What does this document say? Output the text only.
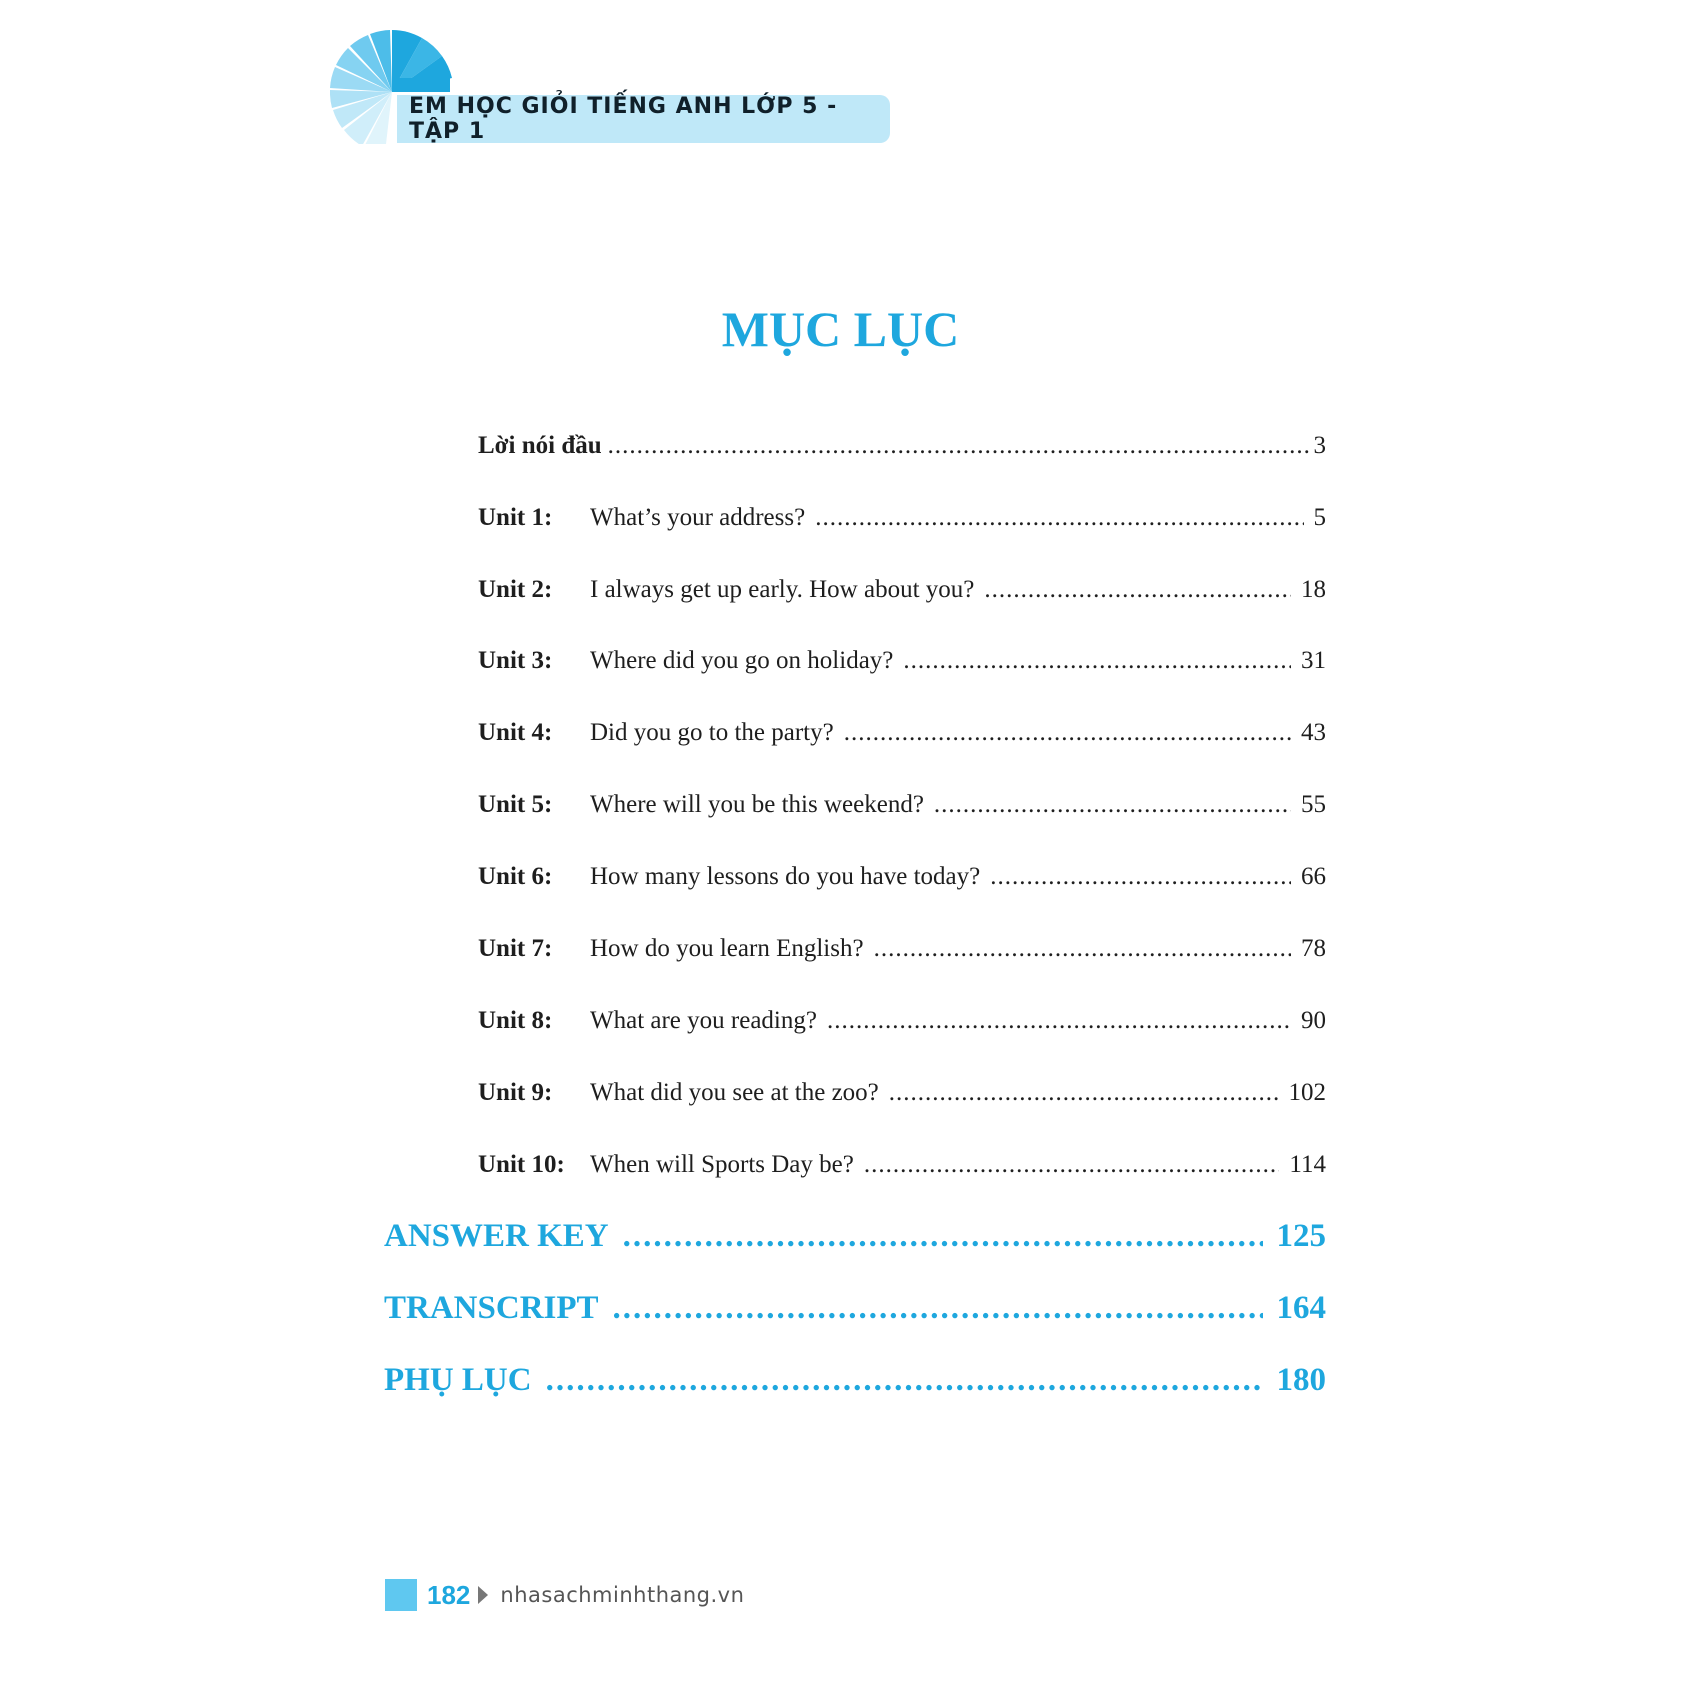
EM HỌC GIỎI TIẾNG ANH LỚP 5 - TẬP 1
MỤC LỤC
Lời nói đầu .....	3
Unit 1:	What’s your address? .....	5
Unit 2:	I always get up early. How about you? .....	18
Unit 3:	Where did you go on holiday? .....	31
Unit 4:	Did you go to the party? .....	43
Unit 5:	Where will you be this weekend? .....	55
Unit 6:	How many lessons do you have today? .....	66
Unit 7:	How do you learn English? .....	78
Unit 8:	What are you reading? .....	90
Unit 9:	What did you see at the zoo? .....	102
Unit 10:	When will Sports Day be? .....	114
ANSWER KEY .....	125
TRANSCRIPT .....	164
PHỤ LỤC .....	180
182 nhasachminhthang.vn
